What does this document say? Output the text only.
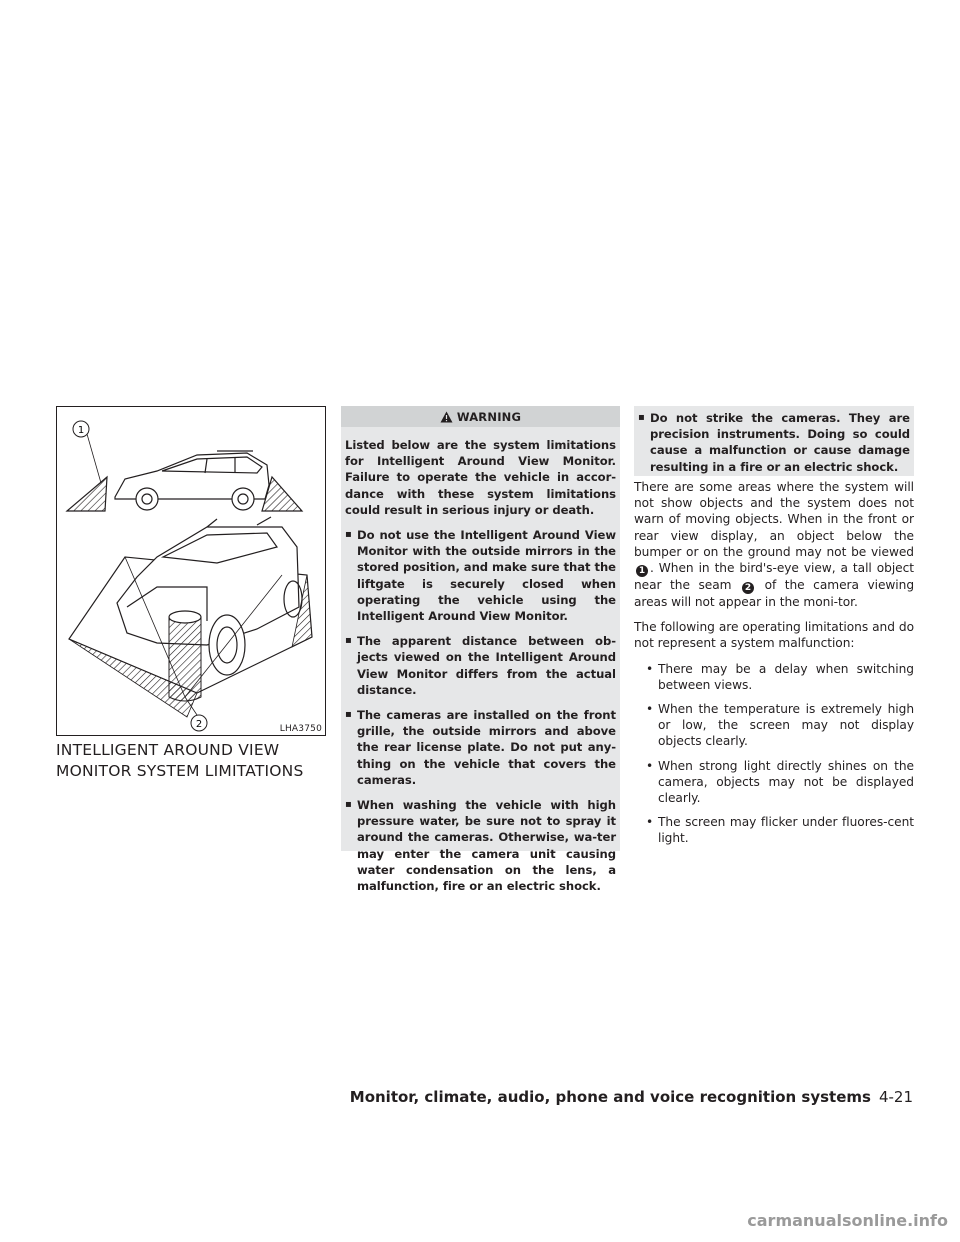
1
2	LHA3750
INTELLIGENT AROUND VIEW
MONITOR SYSTEM LIMITATIONS
WARNING

Listed below are the system limitations for Intelligent Around View Monitor. Failure to operate the vehicle in accor-dance with these system limitations could result in serious injury or death.

▪ Do not use the Intelligent Around View Monitor with the outside mirrors in the stored position, and make sure that the liftgate is securely closed when operating the vehicle using the Intelligent Around View Monitor.
▪ The apparent distance between ob-jects viewed on the Intelligent Around View Monitor differs from the actual distance.
▪ The cameras are installed on the front grille, the outside mirrors and above the rear license plate. Do not put any-thing on the vehicle that covers the cameras.
▪ When washing the vehicle with high pressure water, be sure not to spray it around the cameras. Otherwise, wa-ter may enter the camera unit causing water condensation on the lens, a malfunction, fire or an electric shock.
▪ Do not strike the cameras. They are precision instruments. Doing so could cause a malfunction or cause damage resulting in a fire or an electric shock.

There are some areas where the system will not show objects and the system does not warn of moving objects. When in the front or rear view display, an object below the bumper or on the ground may not be viewed1 . When in the bird's-eye view, a tall object near the seam 2 of the camera viewing areas will not appear in the moni-tor.

The following are operating limitations and do not represent a system malfunction:

• There may be a delay when switching between views.
• When the temperature is extremely high or low, the screen may not display objects clearly.
• When strong light directly shines on the camera, objects may not be displayed clearly.
• The screen may flicker under fluores-cent light.
Monitor, climate, audio, phone and voice recognition systems 4-21
carmanualsonline.info
